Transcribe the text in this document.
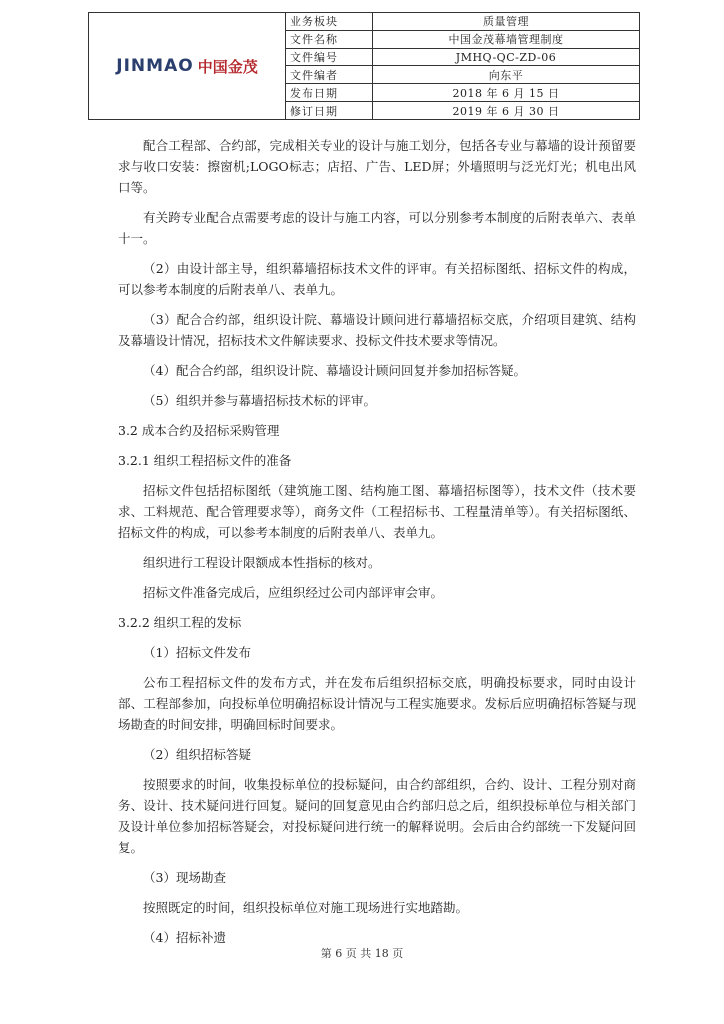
JINMAO 中国金茂
业务板块	质量管理
文件名称	中国金茂幕墙管理制度
文件编号	JMHQ-QC-ZD-06
文件编者	向东平
发布日期	2018 年 6 月 15 日
修订日期	2019 年 6 月 30 日

配合工程部、合约部，完成相关专业的设计与施工划分，包括各专业与幕墙的设计预留要求与收口安装：擦窗机;LOGO标志；店招、广告、LED屏；外墙照明与泛光灯光；机电出风口等。

有关跨专业配合点需要考虑的设计与施工内容，可以分别参考本制度的后附表单六、表单十一。

（2）由设计部主导，组织幕墙招标技术文件的评审。有关招标图纸、招标文件的构成，可以参考本制度的后附表单八、表单九。

（3）配合合约部，组织设计院、幕墙设计顾问进行幕墙招标交底，介绍项目建筑、结构及幕墙设计情况，招标技术文件解读要求、投标文件技术要求等情况。

（4）配合合约部，组织设计院、幕墙设计顾问回复并参加招标答疑。

（5）组织并参与幕墙招标技术标的评审。

3.2 成本合约及招标采购管理

3.2.1 组织工程招标文件的准备

招标文件包括招标图纸（建筑施工图、结构施工图、幕墙招标图等），技术文件（技术要求、工料规范、配合管理要求等），商务文件（工程招标书、工程量清单等）。有关招标图纸、招标文件的构成，可以参考本制度的后附表单八、表单九。

组织进行工程设计限额成本性指标的核对。

招标文件准备完成后，应组织经过公司内部评审会审。

3.2.2 组织工程的发标

（1）招标文件发布

公布工程招标文件的发布方式，并在发布后组织招标交底，明确投标要求，同时由设计部、工程部参加，向投标单位明确招标设计情况与工程实施要求。发标后应明确招标答疑与现场勘查的时间安排，明确回标时间要求。

（2）组织招标答疑

按照要求的时间，收集投标单位的投标疑问，由合约部组织，合约、设计、工程分别对商务、设计、技术疑问进行回复。疑问的回复意见由合约部归总之后，组织投标单位与相关部门及设计单位参加招标答疑会，对投标疑问进行统一的解释说明。会后由合约部统一下发疑问回复。

（3）现场勘查

按照既定的时间，组织投标单位对施工现场进行实地踏勘。

（4）招标补遗

第 6 页 共 18 页
